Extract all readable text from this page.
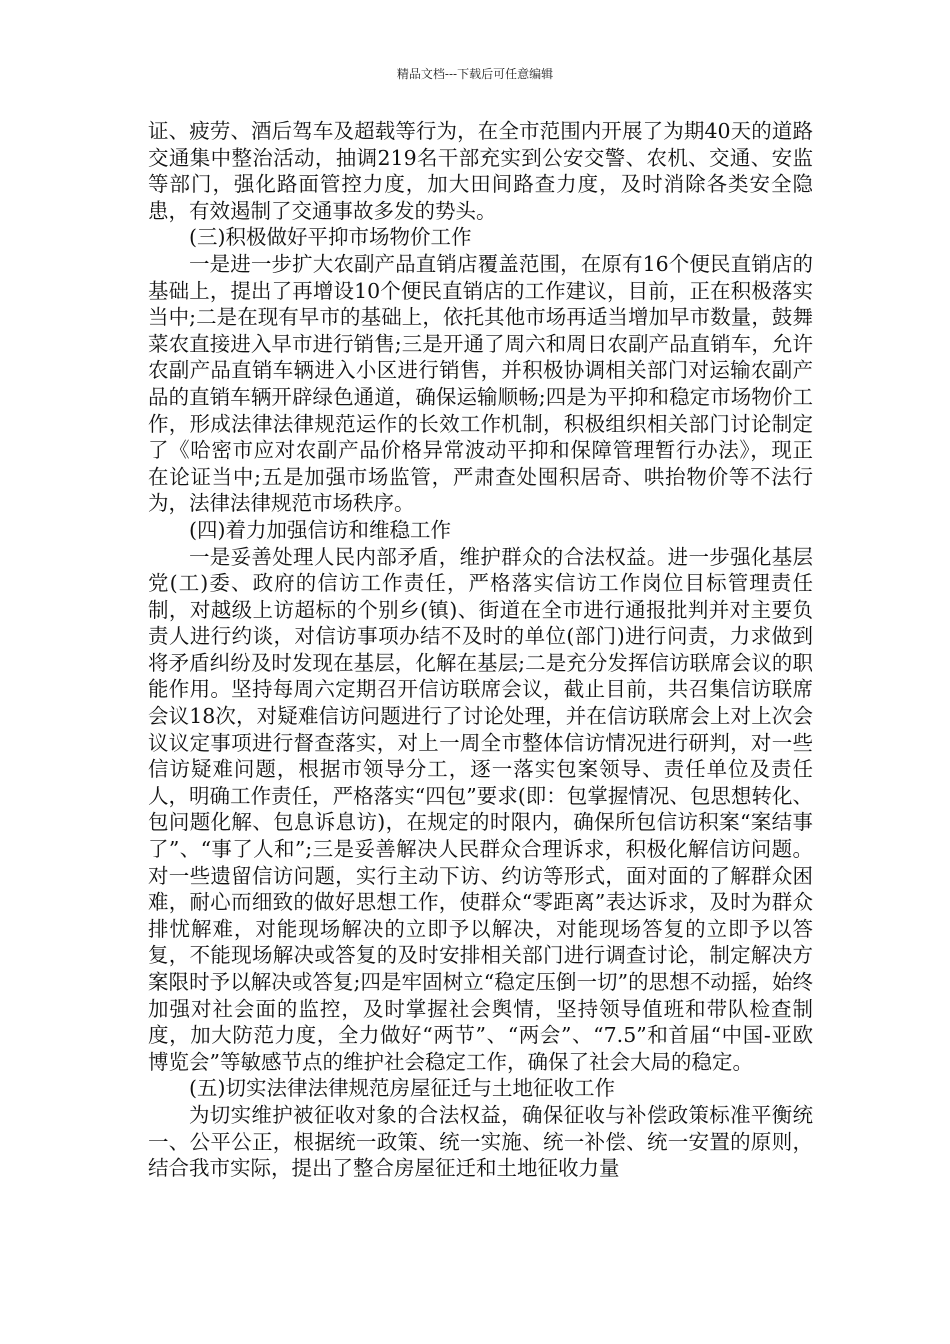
精品文档---下载后可任意编辑

证、疲劳、酒后驾车及超载等行为，在全市范围内开展了为期40天的道路交通集中整治活动，抽调219名干部充实到公安交警、农机、交通、安监等部门，强化路面管控力度，加大田间路查力度，及时消除各类安全隐患，有效遏制了交通事故多发的势头。

(三)积极做好平抑市场物价工作

一是进一步扩大农副产品直销店覆盖范围，在原有16个便民直销店的基础上，提出了再增设10个便民直销店的工作建议，目前，正在积极落实当中;二是在现有早市的基础上，依托其他市场再适当增加早市数量，鼓舞菜农直接进入早市进行销售;三是开通了周六和周日农副产品直销车，允许农副产品直销车辆进入小区进行销售，并积极协调相关部门对运输农副产品的直销车辆开辟绿色通道，确保运输顺畅;四是为平抑和稳定市场物价工作，形成法律法律规范运作的长效工作机制，积极组织相关部门讨论制定了《哈密市应对农副产品价格异常波动平抑和保障管理暂行办法》，现正在论证当中;五是加强市场监管，严肃查处囤积居奇、哄抬物价等不法行为，法律法律规范市场秩序。

(四)着力加强信访和维稳工作

一是妥善处理人民内部矛盾，维护群众的合法权益。进一步强化基层党(工)委、政府的信访工作责任，严格落实信访工作岗位目标管理责任制，对越级上访超标的个别乡(镇)、街道在全市进行通报批判并对主要负责人进行约谈，对信访事项办结不及时的单位(部门)进行问责，力求做到将矛盾纠纷及时发现在基层，化解在基层;二是充分发挥信访联席会议的职能作用。坚持每周六定期召开信访联席会议，截止目前，共召集信访联席会议18次，对疑难信访问题进行了讨论处理，并在信访联席会上对上次会议议定事项进行督查落实，对上一周全市整体信访情况进行研判，对一些信访疑难问题，根据市领导分工，逐一落实包案领导、责任单位及责任人，明确工作责任，严格落实“四包”要求(即：包掌握情况、包思想转化、包问题化解、包息诉息访)，在规定的时限内，确保所包信访积案“案结事了”、“事了人和”;三是妥善解决人民群众合理诉求，积极化解信访问题。对一些遗留信访问题，实行主动下访、约访等形式，面对面的了解群众困难，耐心而细致的做好思想工作，使群众“零距离”表达诉求，及时为群众排忧解难，对能现场解决的立即予以解决，对能现场答复的立即予以答复，不能现场解决或答复的及时安排相关部门进行调查讨论，制定解决方案限时予以解决或答复;四是牢固树立“稳定压倒一切”的思想不动摇，始终加强对社会面的监控，及时掌握社会舆情，坚持领导值班和带队检查制度，加大防范力度，全力做好“两节”、“两会”、“7.5”和首届“中国-亚欧博览会”等敏感节点的维护社会稳定工作，确保了社会大局的稳定。

(五)切实法律法律规范房屋征迁与土地征收工作

为切实维护被征收对象的合法权益，确保征收与补偿政策标准平衡统一、公平公正，根据统一政策、统一实施、统一补偿、统一安置的原则，结合我市实际，提出了整合房屋征迁和土地征收力量
